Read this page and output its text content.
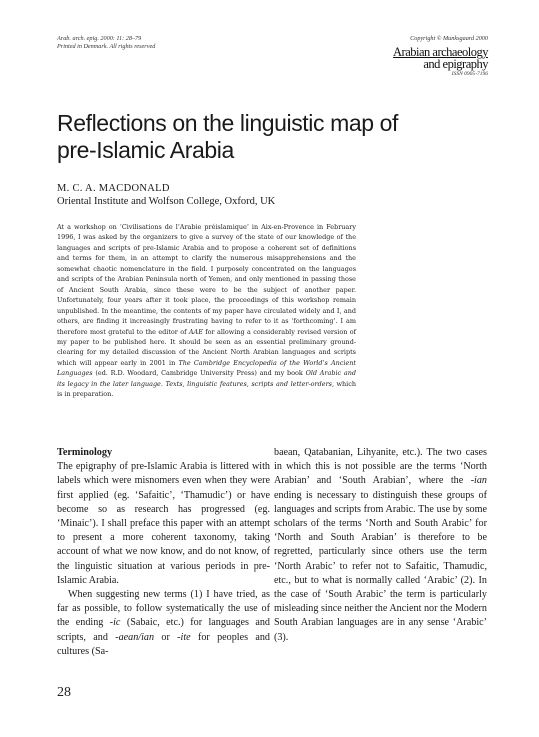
Arab. arch. epig. 2000: 11: 28–79
Printed in Denmark. All rights reserved
Copyright © Munksgaard 2000
Arabian archaeology
and epigraphy
ISSN 0905-7196
Reflections on the linguistic map of
pre-Islamic Arabia
M. C. A. MACDONALD
Oriental Institute and Wolfson College, Oxford, UK

At a workshop on ‘Civilisations de l’Arabie préislamique’ in Aix-en-Provence in February 1996, I was asked by the organizers to give a survey of the state of our knowledge of the languages and scripts of pre-Islamic Arabia and to propose a coherent set of definitions and terms for them, in an attempt to clarify the numerous misapprehensions and the somewhat chaotic nomenclature in the field. I purposely concentrated on the languages and scripts of the Arabian Peninsula north of Yemen, and only mentioned in passing those of Ancient South Arabia, since these were to be the subject of another paper. Unfortunately, four years after it took place, the proceedings of this workshop remain unpublished. In the meantime, the contents of my paper have circulated widely and I, and others, are finding it increasingly frustrating having to refer to it as ‘forthcoming’. I am therefore most grateful to the editor of AAE for allowing a considerably revised version of my paper to be published here. It should be seen as an essential preliminary ground-clearing for my detailed discussion of the Ancient North Arabian languages and scripts which will appear early in 2001 in The Cambridge Encyclopedia of the World’s Ancient Languages (ed. R.D. Woodard, Cambridge University Press) and my book Old Arabic and its legacy in the later language. Texts, linguistic features, scripts and letter-orders, which is in preparation.

Terminology

The epigraphy of pre-Islamic Arabia is littered with labels which were misnomers even when they were first applied (eg. ‘Safaitic’, ‘Thamudic’) or have become so as research has progressed (eg. ‘Minaic’). I shall preface this paper with an attempt to present a more coherent taxonomy, taking account of what we now know, and do not know, of the linguistic situation at various periods in pre-Islamic Arabia.

When suggesting new terms (1) I have tried, as far as possible, to follow systematically the use of the ending -ic (Sabaic, etc.) for languages and scripts, and -aean/ian or -ite for peoples and cultures (Sa-

baean, Qatabanian, Lihyanite, etc.). The two cases in which this is not possible are the terms ‘North Arabian’ and ‘South Arabian’, where the -ian ending is necessary to distinguish these groups of languages and scripts from Arabic. The use by some scholars of the terms ‘North and South Arabic’ for ‘North and South Arabian’ is therefore to be regretted, particularly since others use the term ‘North Arabic’ to refer not to Safaitic, Thamudic, etc., but to what is normally called ‘Arabic’ (2). In the case of ‘South Arabic’ the term is particularly misleading since neither the Ancient nor the Modern South Arabian languages are in any sense ‘Arabic’ (3).

28
